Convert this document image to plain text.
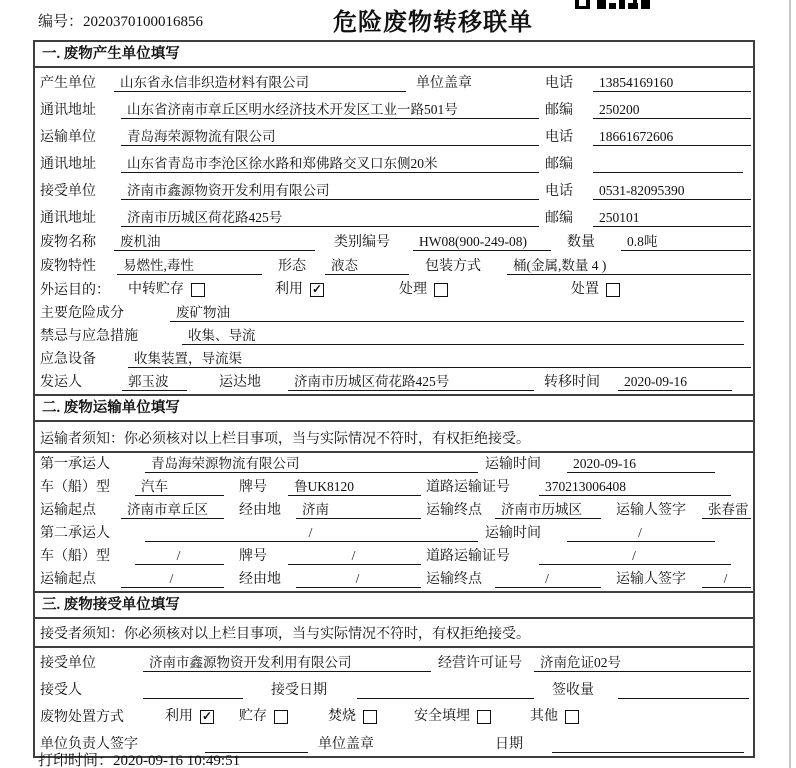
编号：2020370100016856	危险废物转移联单
一. 废物产生单位填写
产生单位	山东省永信非织造材料有限公司	单位盖章	电话	13854169160
通讯地址	山东省济南市章丘区明水经济技术开发区工业一路501号	邮编	250200
运输单位	青岛海荣源物流有限公司	电话	18661672606
通讯地址	山东省青岛市李沧区徐水路和郑佛路交叉口东侧20米	邮编
接受单位	济南市鑫源物资开发利用有限公司	电话	0531-82095390
通讯地址	济南市历城区荷花路425号	邮编	250101
废物名称	废机油	类别编号	HW08(900-249-08)	数量	0.8吨
废物特性	易燃性,毒性	形态	液态	包装方式	桶(金属,数量 4 )
外运目的： 中转贮存	利用 ✓	处理	处置
主要危险成分	废矿物油
禁忌与应急措施	收集、导流
应急设备	收集装置，导流渠
发运人	郭玉波	运达地	济南市历城区荷花路425号	转移时间	2020-09-16
二. 废物运输单位填写
运输者须知：你必须核对以上栏目事项，当与实际情况不符时，有权拒绝接受。
第一承运人	青岛海荣源物流有限公司	运输时间	2020-09-16
车（船）型	汽车	牌号	鲁UK8120	道路运输证号	370213006408
运输起点	济南市章丘区	经由地	济南	运输终点	济南市历城区	运输人签字	张春雷
第二承运人	/	运输时间	/
车（船）型	/	牌号	/	道路运输证号	/
运输起点	/	经由地	/	运输终点	/	运输人签字	/
三. 废物接受单位填写
接受者须知：你必须核对以上栏目事项，当与实际情况不符时，有权拒绝接受。
接受单位	济南市鑫源物资开发利用有限公司	经营许可证号	济南危证02号
接受人	接受日期	签收量
废物处置方式	利用 ✓ 贮存	焚烧	安全填埋	其他
单位负责人签字	单位盖章	日期
打印时间：2020-09-16 10:49:51
